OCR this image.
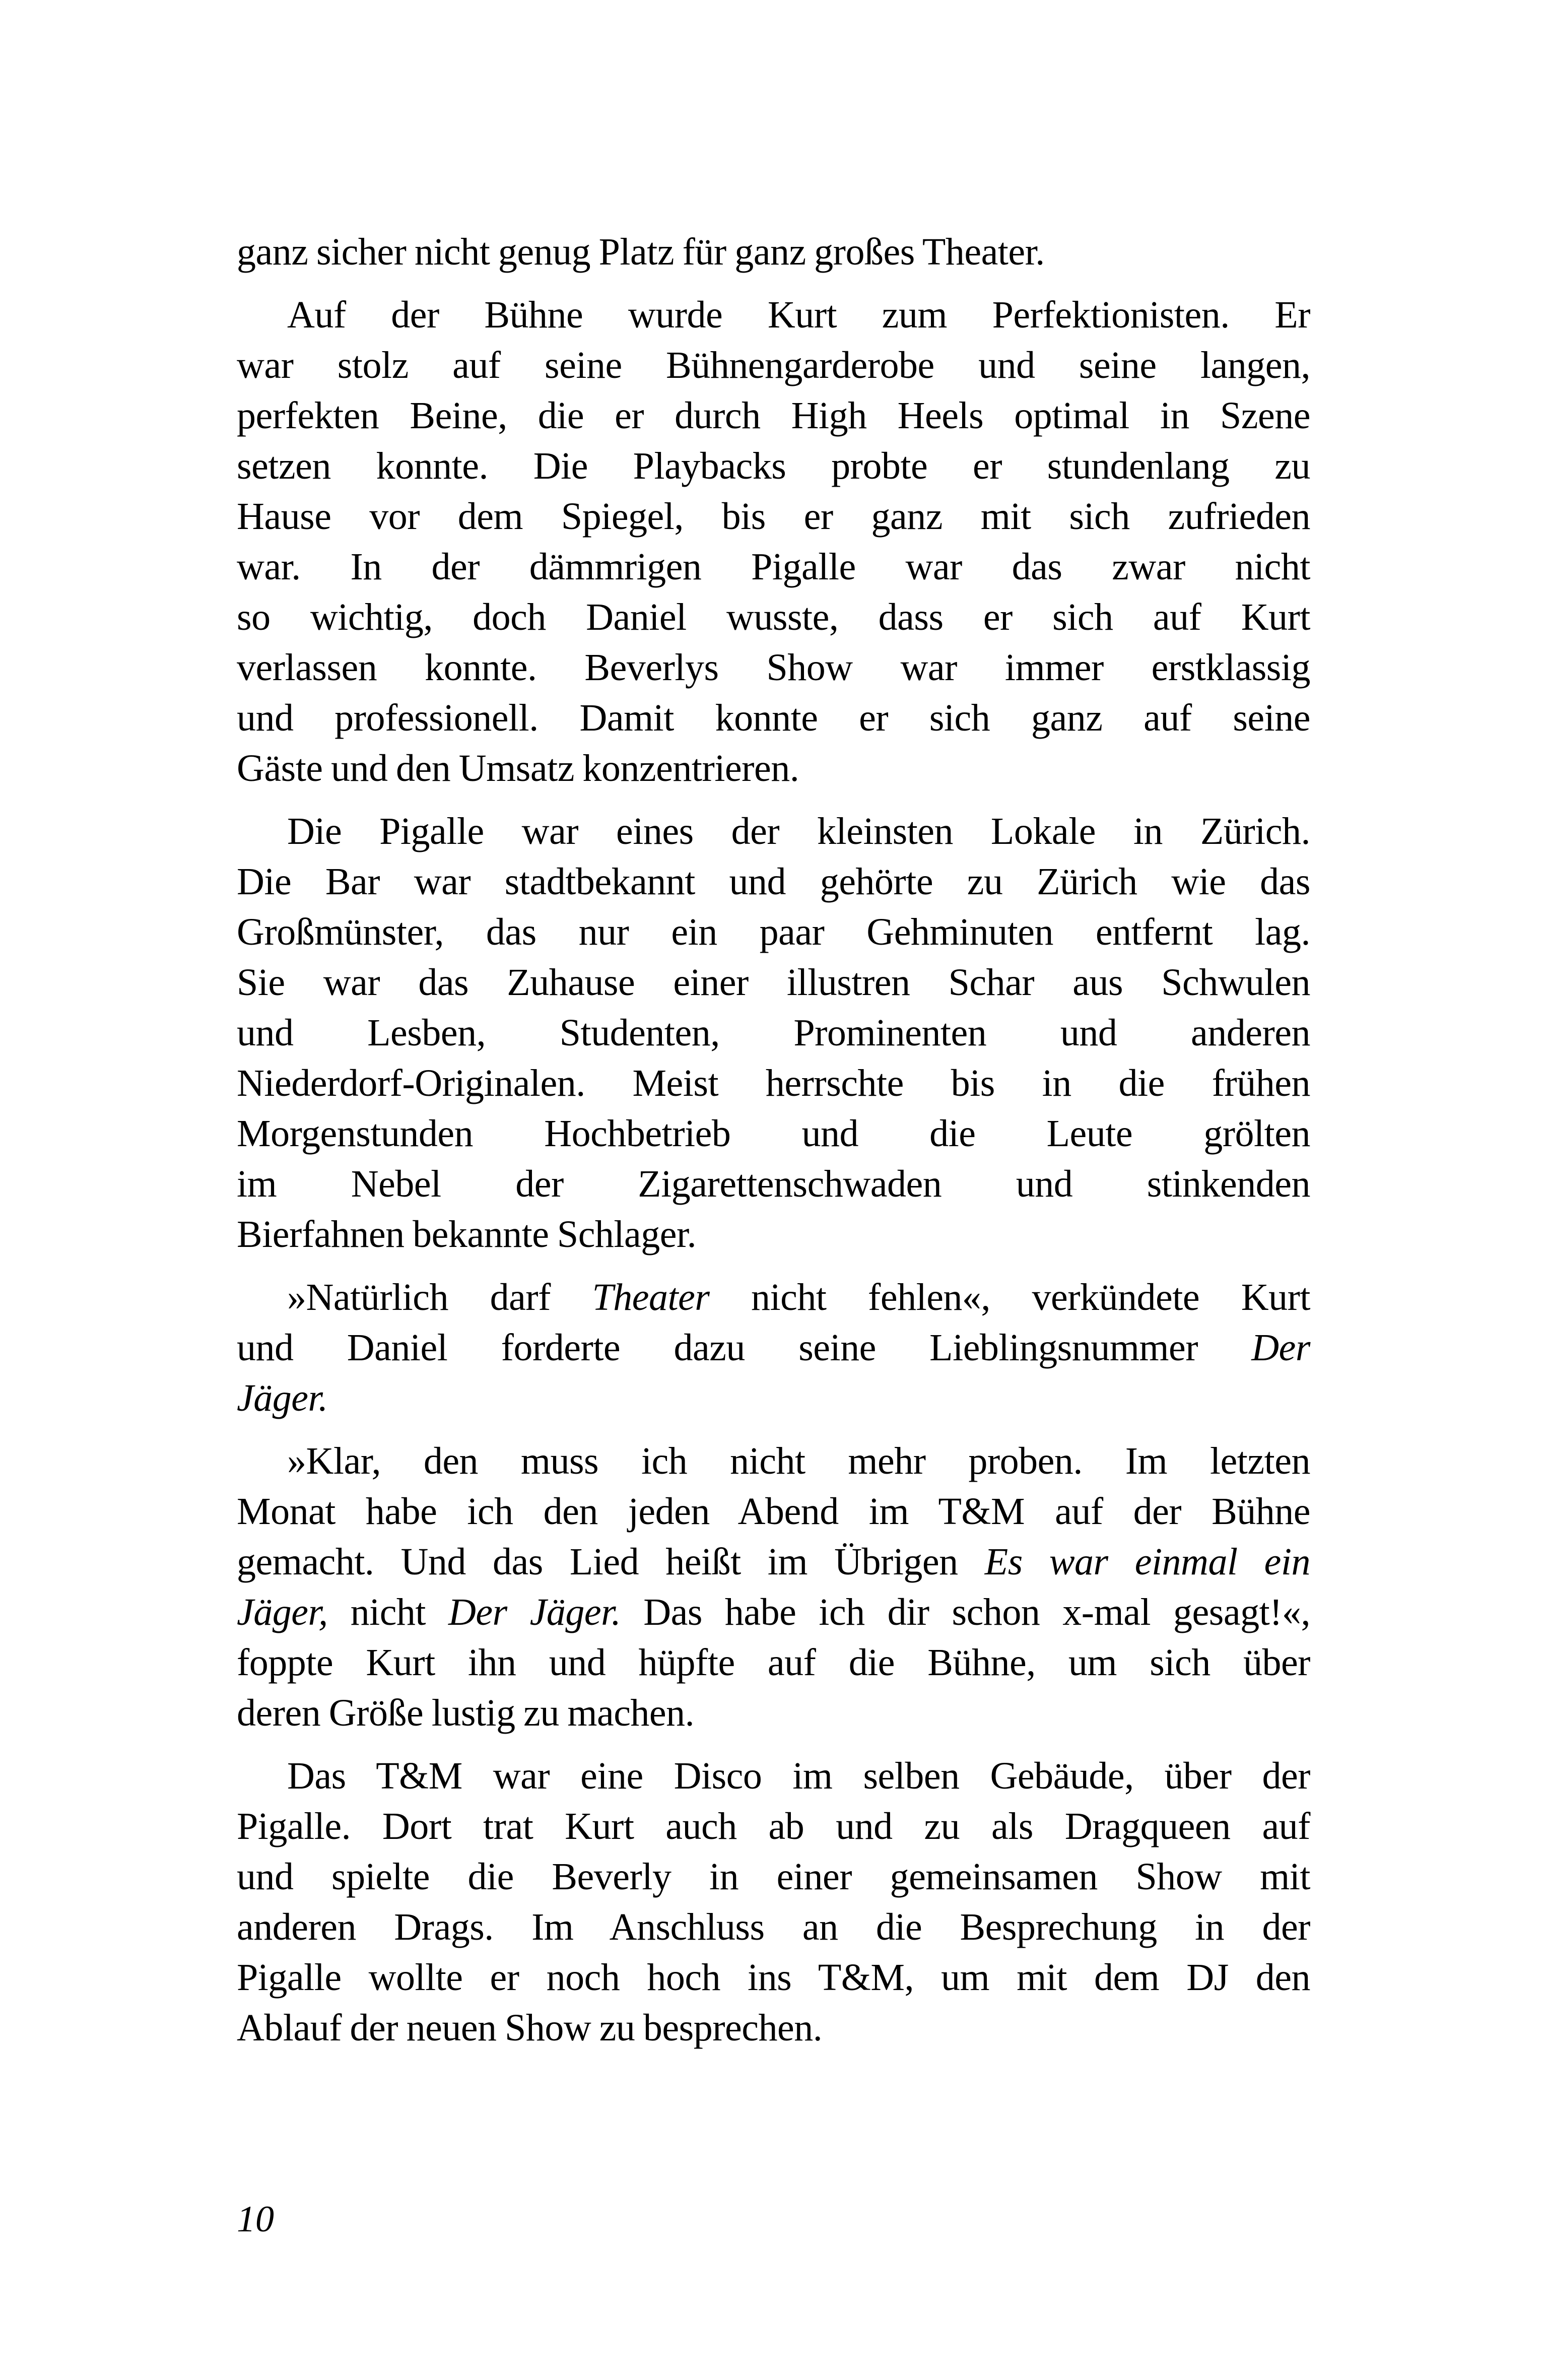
ganz sicher nicht genug Platz für ganz großes Theater.
Auf der Bühne wurde Kurt zum Perfektionisten. Er
war stolz auf seine Bühnengarderobe und seine langen,
perfekten Beine, die er durch High Heels optimal in Szene
setzen konnte. Die Playbacks probte er stundenlang zu
Hause vor dem Spiegel, bis er ganz mit sich zufrieden
war. In der dämmrigen Pigalle war das zwar nicht
so wichtig, doch Daniel wusste, dass er sich auf Kurt
verlassen konnte. Beverlys Show war immer erstklassig
und professionell. Damit konnte er sich ganz auf seine
Gäste und den Umsatz konzentrieren.
Die Pigalle war eines der kleinsten Lokale in Zürich.
Die Bar war stadtbekannt und gehörte zu Zürich wie das
Großmünster, das nur ein paar Gehminuten entfernt lag.
Sie war das Zuhause einer illustren Schar aus Schwulen
und Lesben, Studenten, Prominenten und anderen
Niederdorf-Originalen. Meist herrschte bis in die frühen
Morgenstunden Hochbetrieb und die Leute grölten
im Nebel der Zigarettenschwaden und stinkenden
Bierfahnen bekannte Schlager.
»Natürlich darf Theater nicht fehlen«, verkündete Kurt
und Daniel forderte dazu seine Lieblingsnummer Der
Jäger.
»Klar, den muss ich nicht mehr proben. Im letzten
Monat habe ich den jeden Abend im T&M auf der Bühne
gemacht. Und das Lied heißt im Übrigen Es war einmal ein
Jäger, nicht Der Jäger. Das habe ich dir schon x-mal gesagt!«,
foppte Kurt ihn und hüpfte auf die Bühne, um sich über
deren Größe lustig zu machen.
Das T&M war eine Disco im selben Gebäude, über der
Pigalle. Dort trat Kurt auch ab und zu als Dragqueen auf
und spielte die Beverly in einer gemeinsamen Show mit
anderen Drags. Im Anschluss an die Besprechung in der
Pigalle wollte er noch hoch ins T&M, um mit dem DJ den
Ablauf der neuen Show zu besprechen.
10
